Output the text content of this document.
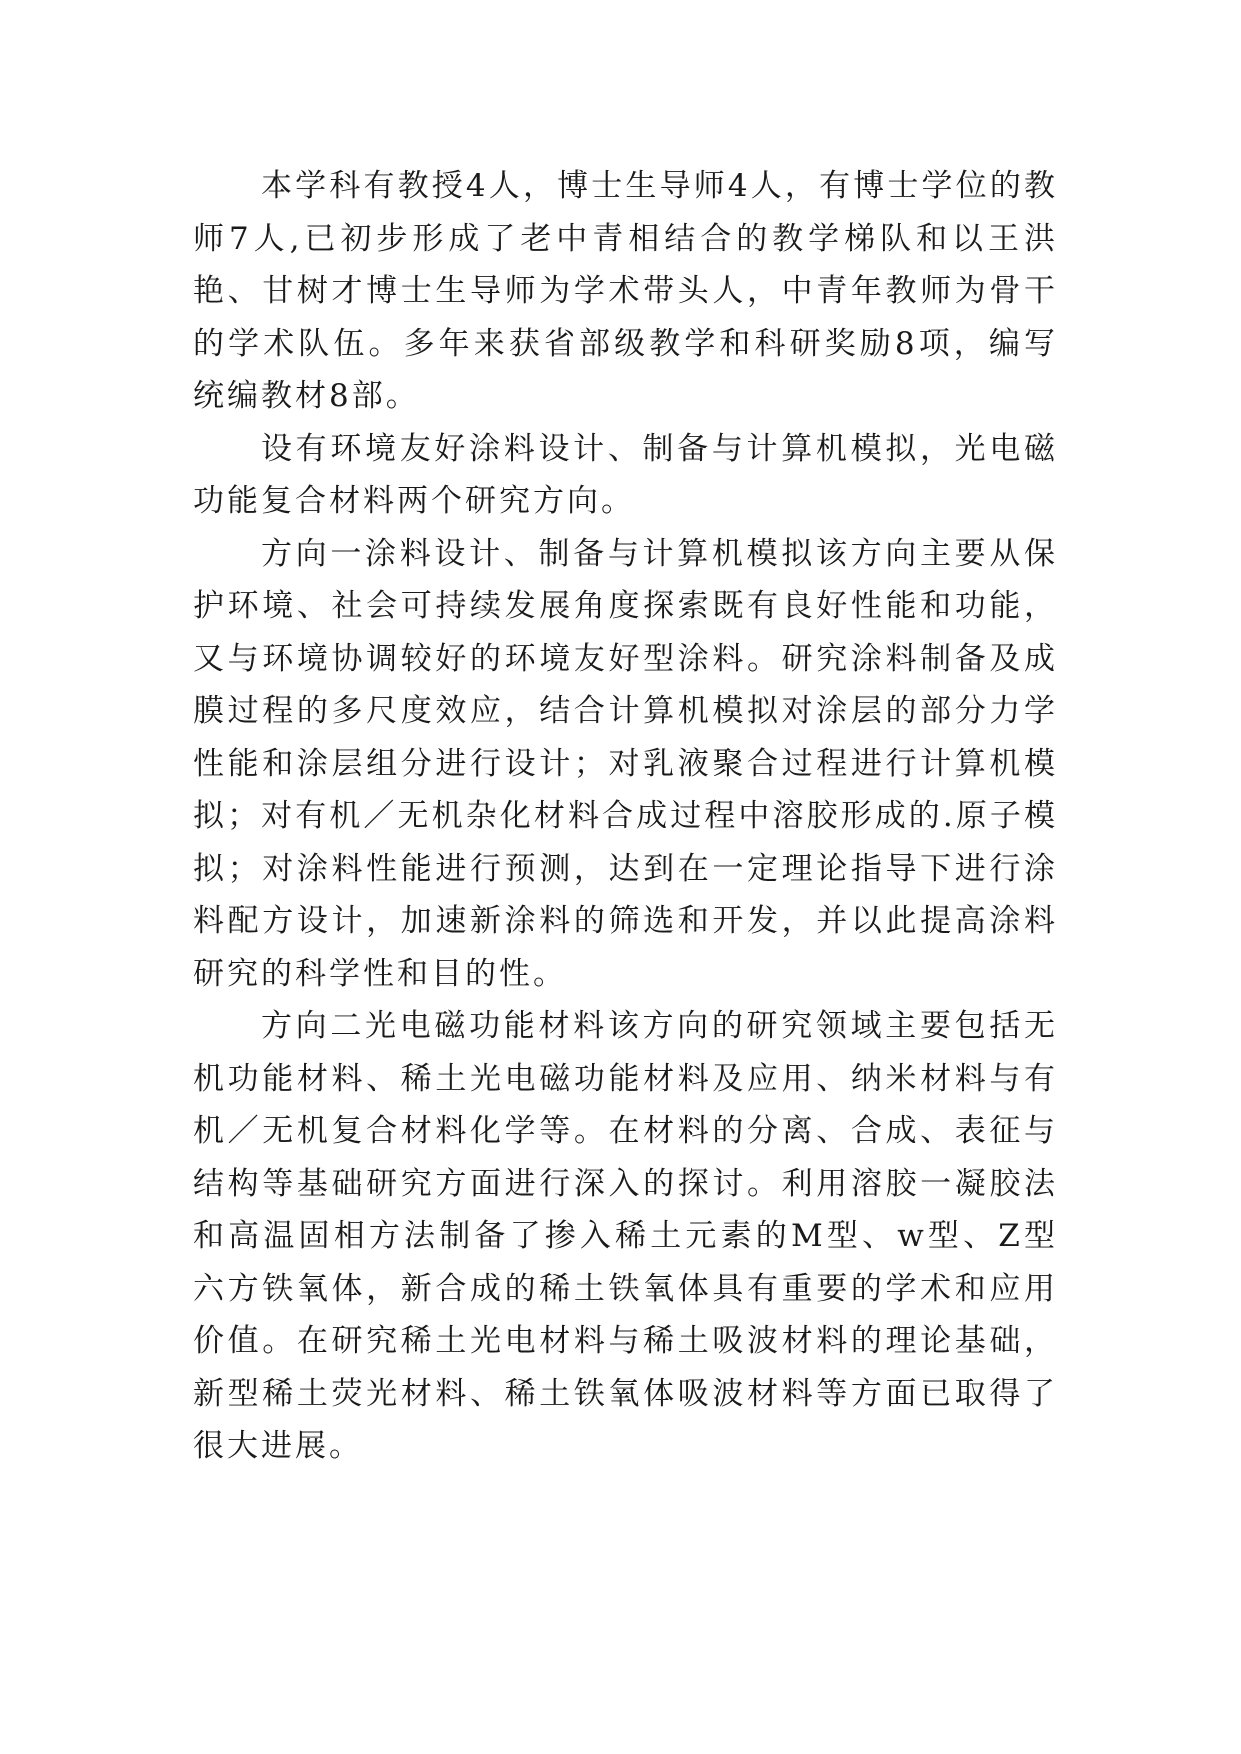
本学科有教授4人，博士生导师4人，有博士学位的教师7人,已初步形成了老中青相结合的教学梯队和以王洪艳、甘树才博士生导师为学术带头人，中青年教师为骨干的学术队伍。多年来获省部级教学和科研奖励8项，编写统编教材8部。

设有环境友好涂料设计、制备与计算机模拟，光电磁功能复合材料两个研究方向。

方向一涂料设计、制备与计算机模拟该方向主要从保护环境、社会可持续发展角度探索既有良好性能和功能，又与环境协调较好的环境友好型涂料。研究涂料制备及成膜过程的多尺度效应，结合计算机模拟对涂层的部分力学性能和涂层组分进行设计；对乳液聚合过程进行计算机模拟；对有机／无机杂化材料合成过程中溶胶形成的.原子模拟；对涂料性能进行预测，达到在一定理论指导下进行涂料配方设计，加速新涂料的筛选和开发，并以此提高涂料研究的科学性和目的性。

方向二光电磁功能材料该方向的研究领域主要包括无机功能材料、稀土光电磁功能材料及应用、纳米材料与有机／无机复合材料化学等。在材料的分离、合成、表征与结构等基础研究方面进行深入的探讨。利用溶胶一凝胶法和高温固相方法制备了掺入稀土元素的M型、w型、Z型六方铁氧体，新合成的稀土铁氧体具有重要的学术和应用价值。在研究稀土光电材料与稀土吸波材料的理论基础，新型稀土荧光材料、稀土铁氧体吸波材料等方面已取得了很大进展。
